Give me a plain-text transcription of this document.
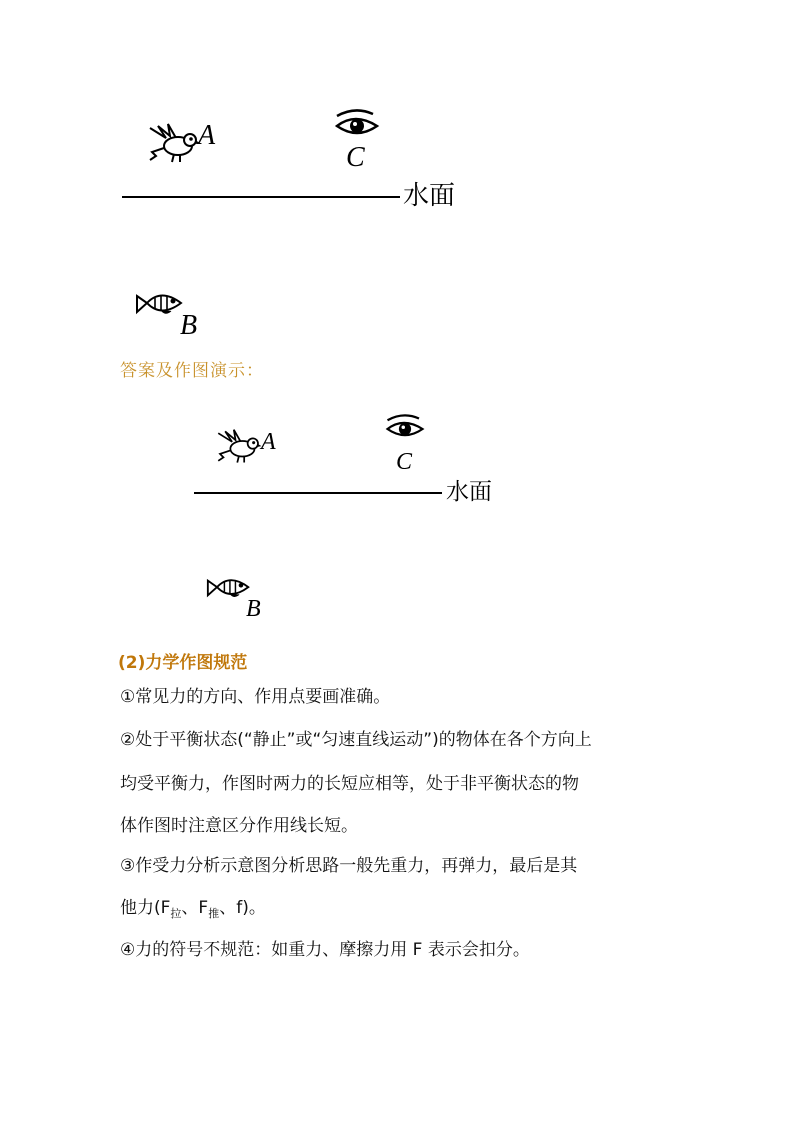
A
C
水面
B
答案及作图演示：
A
C
水面
B
(2)力学作图规范
①常见力的方向、作用点要画准确。
②处于平衡状态(“静止”或“匀速直线运动”)的物体在各个方向上
均受平衡力，作图时两力的长短应相等，处于非平衡状态的物
体作图时注意区分作用线长短。
③作受力分析示意图分析思路一般先重力，再弹力，最后是其
他力($F_拉$、$F_推$、f)。
④力的符号不规范：如重力、摩擦力用 F 表示会扣分。
